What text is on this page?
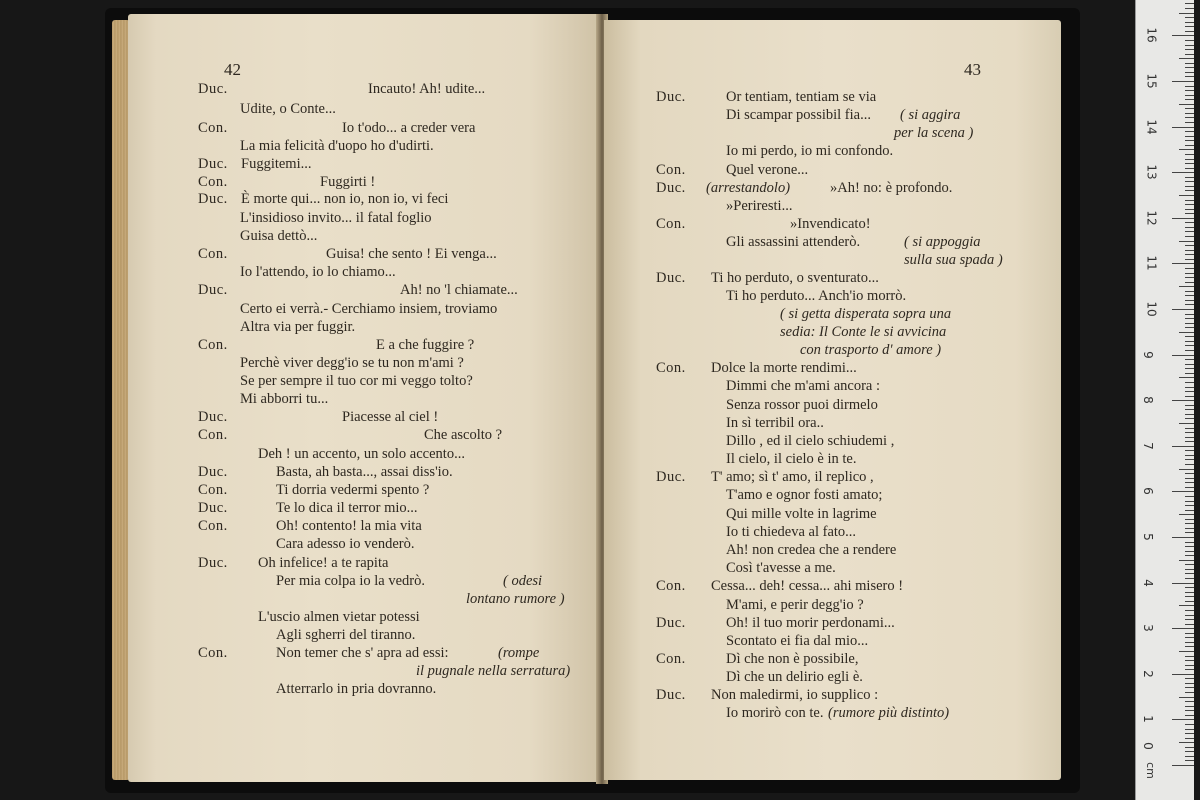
42
Duc.	Incauto! Ah! udite...
Udite, o Conte...
Con.	Io t'odo... a creder vera
La mia felicità d'uopo ho d'udirti.
Duc. Fuggitemi...
Con.	Fuggirti !
Duc. È morte qui... non io, non io, vi feci
L'insidioso invito... il fatal foglio
Guisa dettò...
Con.	Guisa! che sento ! Ei venga...
Io l'attendo, io lo chiamo...
Duc.	Ah! no 'l chiamate...
Certo ei verrà.- Cerchiamo insiem, troviamo
Altra via per fuggir.
Con.	E a che fuggire ?
Perchè viver degg'io se tu non m'ami ?
Se per sempre il tuo cor mi veggo tolto?
Mi abborri tu...
Duc.	Piacesse al ciel !
Con.	Che ascolto ?
Deh ! un accento, un solo accento...
Duc.	Basta, ah basta..., assai diss'io.
Con.	Ti dorria vedermi spento ?
Duc.	Te lo dica il terror mio...
Con.	Oh! contento! la mia vita
Cara adesso io venderò.
Duc. Oh infelice! a te rapita
Per mia colpa io la vedrò.	( odesi
lontano rumore )
L'uscio almen vietar potessi
Agli sgherri del tiranno.
Con.	Non temer che s' apra ad essi:	(rompe
il pugnale nella serratura)
Atterrarlo in pria dovranno.
43
Duc.	Or tentiam, tentiam se via
Di scampar possibil fia... ( si aggira
per la scena )
Io mi perdo, io mi confondo.
Con.	Quel verone...
Duc.	»Ah! no: è profondo.
(arrestandolo)
»Periresti...
Con.	»Invendicato!
Gli assassini attenderò.	( si appoggia
sulla sua spada )
Duc. Ti ho perduto, o sventurato...
Ti ho perduto... Anch'io morrò.
( si getta disperata sopra una
sedia: Il Conte le si avvicina
con trasporto d' amore )
Con. Dolce la morte rendimi...
Dimmi che m'ami ancora :
Senza rossor puoi dirmelo
In sì terribil ora..
Dillo , ed il cielo schiudemi ,
Il cielo, il cielo è in te.
Duc. T' amo; sì t' amo, il replico ,
T'amo e ognor fosti amato;
Qui mille volte in lagrime
Io ti chiedeva al fato...
Ah! non credea che a rendere
Così t'avesse a me.
Con. Cessa... deh! cessa... ahi misero !
M'ami, e perir degg'io ?
Duc.	Oh! il tuo morir perdonami...
Scontato ei fia dal mio...
Con.	Dì che non è possibile,
Dì che un delirio egli è.
Duc. Non maledirmi, io supplico :
Io morirò con te. (rumore più distinto)
cm
1
2
3
4
5
6
7
8
9
10
11
12
13
14
15
16
0
